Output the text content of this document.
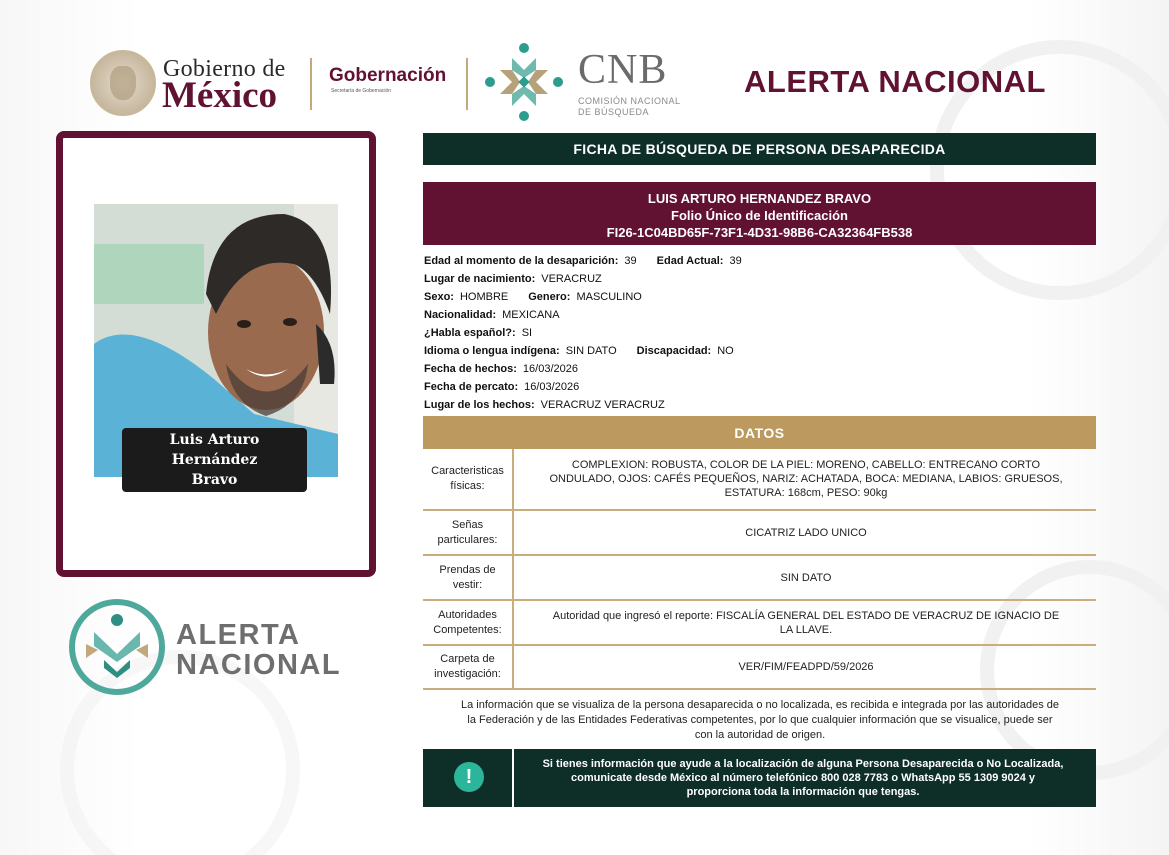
Gobierno de
México	Gobernación
Secretaría de Gobernación	CNB
COMISIÓN NACIONAL
DE BÚSQUEDA
ALERTA NACIONAL
Luis Arturo Hernández
Bravo
ALERTA
NACIONAL
FICHA DE BÚSQUEDA DE PERSONA DESAPARECIDA
LUIS ARTURO HERNANDEZ BRAVO
Folio Único de Identificación
FI26-1C04BD65F-73F1-4D31-98B6-CA32364FB538
Edad al momento de la desaparición: 39 Edad Actual: 39
Lugar de nacimiento: VERACRUZ
Sexo: HOMBRE Genero: MASCULINO
Nacionalidad: MEXICANA
¿Habla español?: SI
Idioma o lengua indígena: SIN DATO Discapacidad: NO
Fecha de hechos: 16/03/2026
Fecha de percato: 16/03/2026
Lugar de los hechos: VERACRUZ VERACRUZ
DATOS
Caracteristicas
físicas:
COMPLEXION: ROBUSTA, COLOR DE LA PIEL: MORENO, CABELLO: ENTRECANO CORTO
ONDULADO, OJOS: CAFÉS PEQUEÑOS, NARIZ: ACHATADA, BOCA: MEDIANA, LABIOS: GRUESOS,
ESTATURA: 168cm, PESO: 90kg
Señas
particulares:
CICATRIZ LADO UNICO
Prendas de
vestir:
SIN DATO
Autoridades
Competentes:
Autoridad que ingresó el reporte: FISCALÍA GENERAL DEL ESTADO DE VERACRUZ DE IGNACIO DE
LA LLAVE.
Carpeta de
investigación:
VER/FIM/FEADPD/59/2026
La información que se visualiza de la persona desaparecida o no localizada, es recibida e integrada por las autoridades de
la Federación y de las Entidades Federativas competentes, por lo que cualquier información que se visualice, puede ser
con la autoridad de origen.
!
Si tienes información que ayude a la localización de alguna Persona Desaparecida o No Localizada,
comunicate desde México al número telefónico 800 028 7783 o WhatsApp 55 1309 9024 y
proporciona toda la información que tengas.
